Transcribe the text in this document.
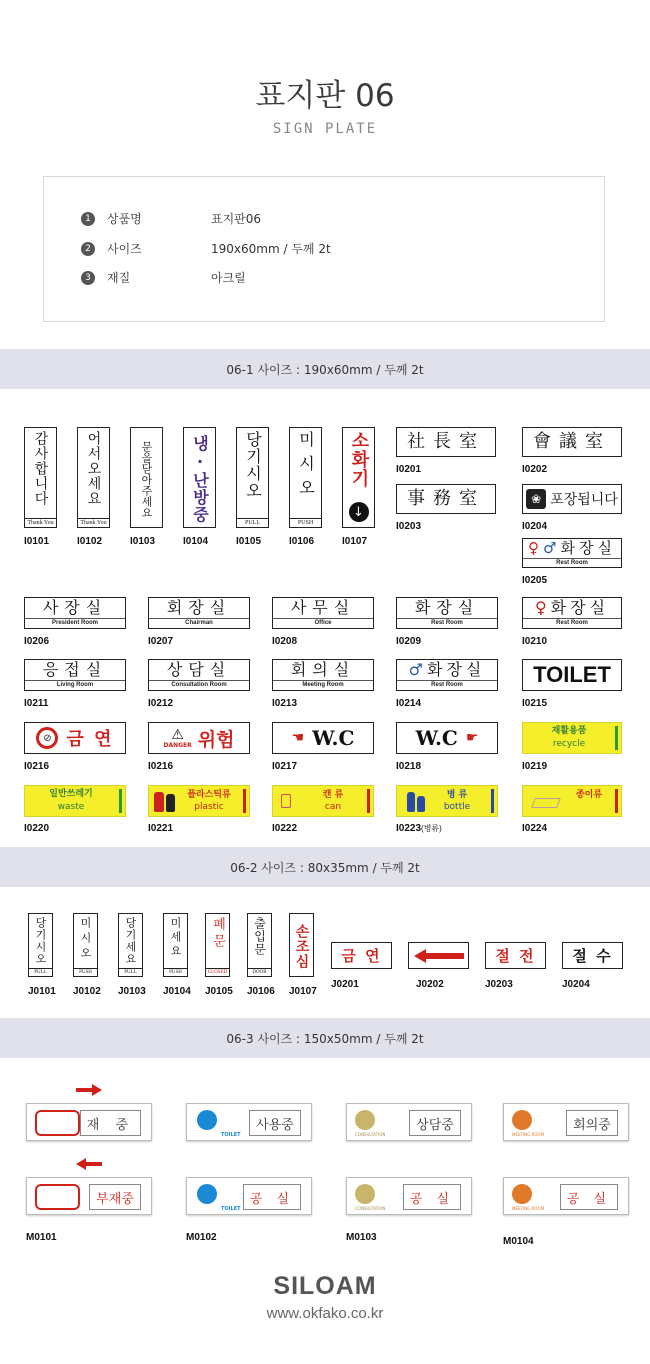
표지판 06
SIGN PLATE
1	상품명	표지판06
2	사이즈	190x60mm / 두께 2t
3	재질	아크릴
06-1 사이즈 : 190x60mm / 두께 2t
감사합니다
Thank You
I0101
어서오세요
Thank You
I0102
문을닫아주세요
I0103
냉·난방중
I0104
당기시오
PULL
I0105
미시오
PUSH
I0106
소화기
↓
I0107
社長室
I0201
會議室
I0202
事務室
I0203
❀ 포장됩니다
I0204
♀♂화장실
Rest Room
I0205
사장실
President Room
I0206
회장실
Chairman
I0207
사무실
Office
I0208
화장실
Rest Room
I0209
♀화장실
Rest Room
I0210
응접실
Living Room
I0211
상담실
Consultation Room
I0212
회의실
Meeting Room
I0213
♂화장실
Rest Room
I0214
TOILET
I0215
⊘ 금 연
I0216
⚠
DANGER 위험
I0216
☚ W.C
I0217
W.C ☛
I0218
재활용품
recycle
I0219
일반쓰레기
waste
I0220
플라스틱류
plastic
I0221
캔 류
can
I0222
병 류
bottle
I0223(병류)
종이류
I0224
06-2 사이즈 : 80x35mm / 두께 2t
당기시오
PULL
J0101
미시오
PUSH
J0102
당기세요
PULL
J0103
미세요
PUSH
J0104
폐문
CLOSED
J0105
출입문
DOOR
J0106
손조심
J0107
금 연
J0201	J0202
절 전
J0203
절 수
J0204
06-3 사이즈 : 150x50mm / 두께 2t
재 중
부재중
M0101
TOILET
사용중
TOILET
공 실
M0102
CONSULTATION
상담중
CONSULTATION
공 실
M0103
MEETING ROOM
회의중
MEETING ROOM
공 실
M0104
SILOAM
www.okfako.co.kr
